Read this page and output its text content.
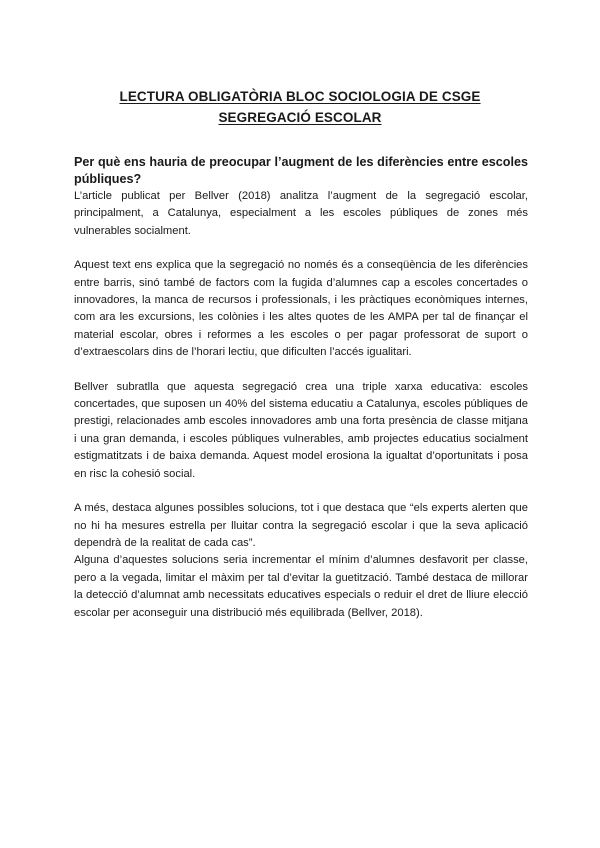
LECTURA OBLIGATÒRIA BLOC SOCIOLOGIA DE CSGE
SEGREGACIÓ ESCOLAR

Per què ens hauria de preocupar l’augment de les diferències entre escoles públiques?

L’article publicat per Bellver (2018) analitza l’augment de la segregació escolar, principalment, a Catalunya, especialment a les escoles públiques de zones més vulnerables socialment.

Aquest text ens explica que la segregació no només és a conseqüència de les diferències entre barris, sinó també de factors com la fugida d’alumnes cap a escoles concertades o innovadores, la manca de recursos i professionals, i les pràctiques econòmiques internes, com ara les excursions, les colònies i les altes quotes de les AMPA per tal de finançar el material escolar, obres i reformes a les escoles o per pagar professorat de suport o d’extraescolars dins de l’horari lectiu, que dificulten l’accés igualitari.

Bellver subratlla que aquesta segregació crea una triple xarxa educativa: escoles concertades, que suposen un 40% del sistema educatiu a Catalunya, escoles públiques de prestigi, relacionades amb escoles innovadores amb una forta presència de classe mitjana i una gran demanda, i escoles públiques vulnerables, amb projectes educatius socialment estigmatitzats i de baixa demanda. Aquest model erosiona la igualtat d’oportunitats i posa en risc la cohesió social.

A més, destaca algunes possibles solucions, tot i que destaca que “els experts alerten que no hi ha mesures estrella per lluitar contra la segregació escolar i que la seva aplicació dependrà de la realitat de cada cas”.

Alguna d’aquestes solucions seria incrementar el mínim d’alumnes desfavorit per classe, pero a la vegada, limitar el màxim per tal d’evitar la guetització. També destaca de millorar la detecció d’alumnat amb necessitats educatives especials o reduir el dret de lliure elecció escolar per aconseguir una distribució més equilibrada (Bellver, 2018).
